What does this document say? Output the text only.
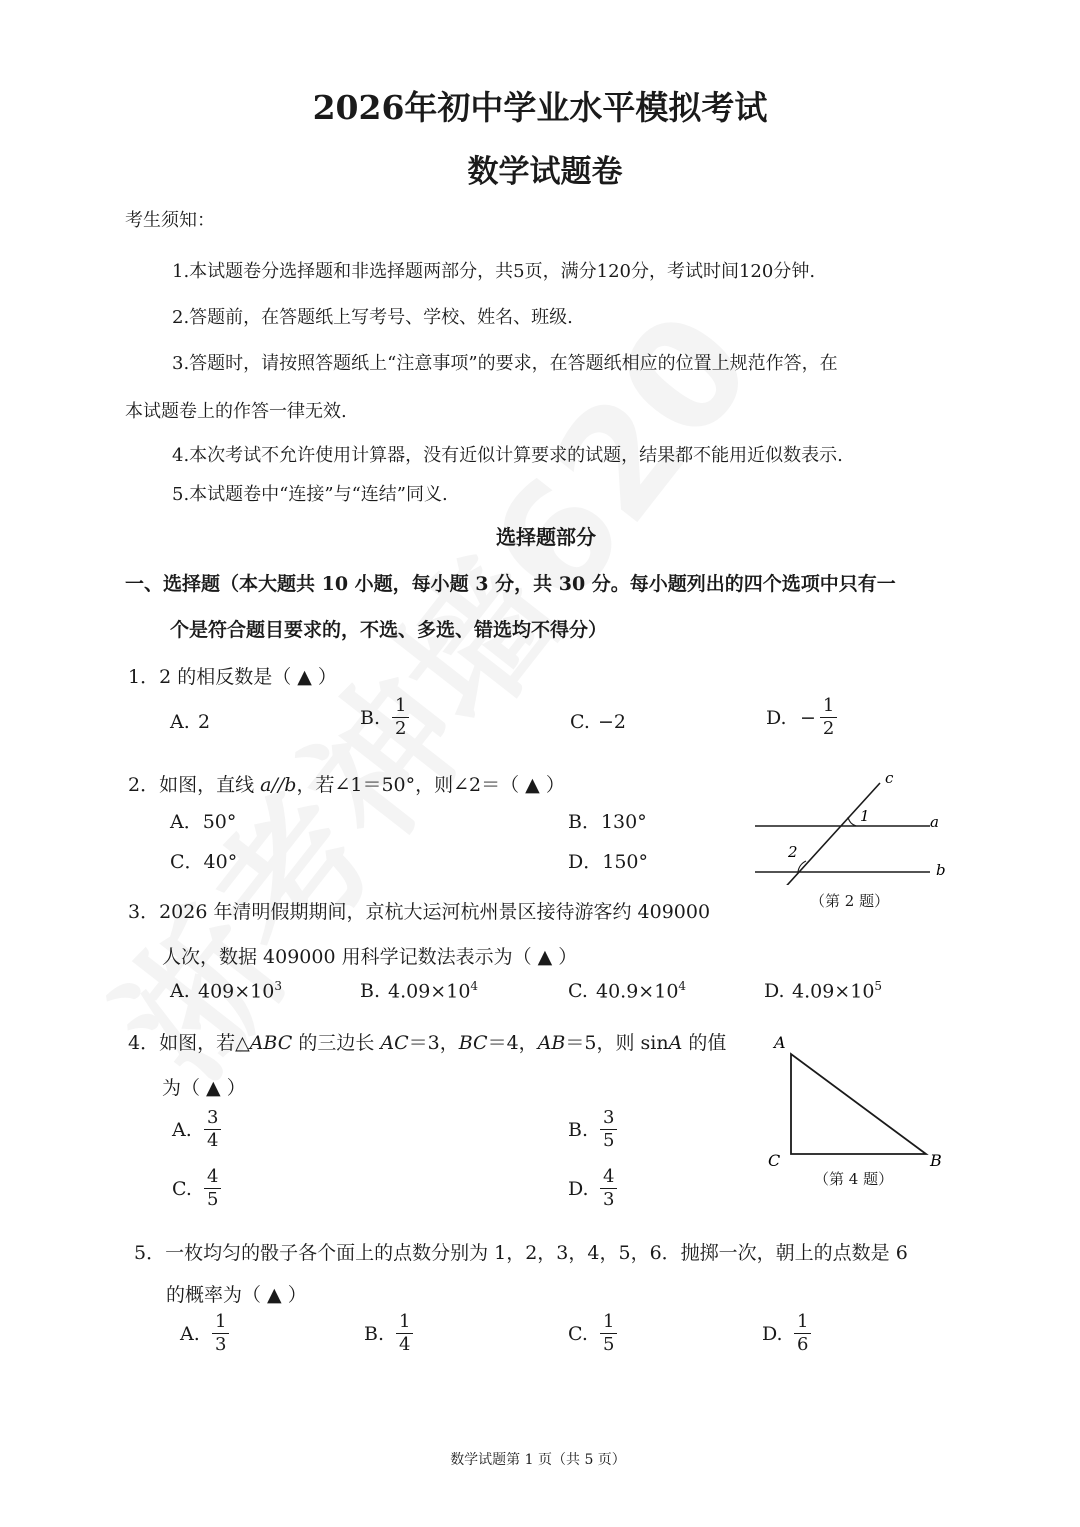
2026年初中学业水平模拟考试
数学试题卷
考生须知：
1.本试题卷分选择题和非选择题两部分，共5页，满分120分，考试时间120分钟.
2.答题前，在答题纸上写考号、学校、姓名、班级.
3.答题时，请按照答题纸上“注意事项”的要求，在答题纸相应的位置上规范作答，在
本试题卷上的作答一律无效.
4.本次考试不允许使用计算器，没有近似计算要求的试题，结果都不能用近似数表示.
5.本试题卷中“连接”与“连结”同义.
选择题部分
一、选择题（本大题共 10 小题，每小题 3 分，共 30 分。每小题列出的四个选项中只有一
个是符合题目要求的，不选、多选、错选均不得分）
1．2 的相反数是（ ▲ ）
A. 2	B. $\frac{1}{2}$	C. −2	D. − $\frac{1}{2}$
2．如图，直线 a//b，若∠1＝50°，则∠2＝（ ▲ ）
A．50°	B．130°
C．40°	D．150°
c
1	a
2
b
（第 2 题）
3．2026 年清明假期期间，京杭大运河杭州景区接待游客约 409000
人次，数据 409000 用科学记数法表示为（ ▲ ）
A. $409\times 10^3$	B. $4.09\times 10^4$	C. $40.9\times 10^4$	D. $4.09\times 10^5$
4．如图，若△ABC 的三边长 AC＝3，BC＝4，AB＝5，则 sinA 的值
为（ ▲ ）
A. $\frac{3}{4}$	B. $\frac{3}{5}$
C. $\frac{4}{5}$	D. $\frac{4}{3}$
A
C	B
（第 4 题）
5．一枚均匀的骰子各个面上的点数分别为 1，2，3，4，5，6．抛掷一次，朝上的点数是 6
的概率为（ ▲ ）
A. $\frac{1}{3}$	B. $\frac{1}{4}$	C. $\frac{1}{5}$	D. $\frac{1}{6}$
数学试题第 1 页（共 5 页）
